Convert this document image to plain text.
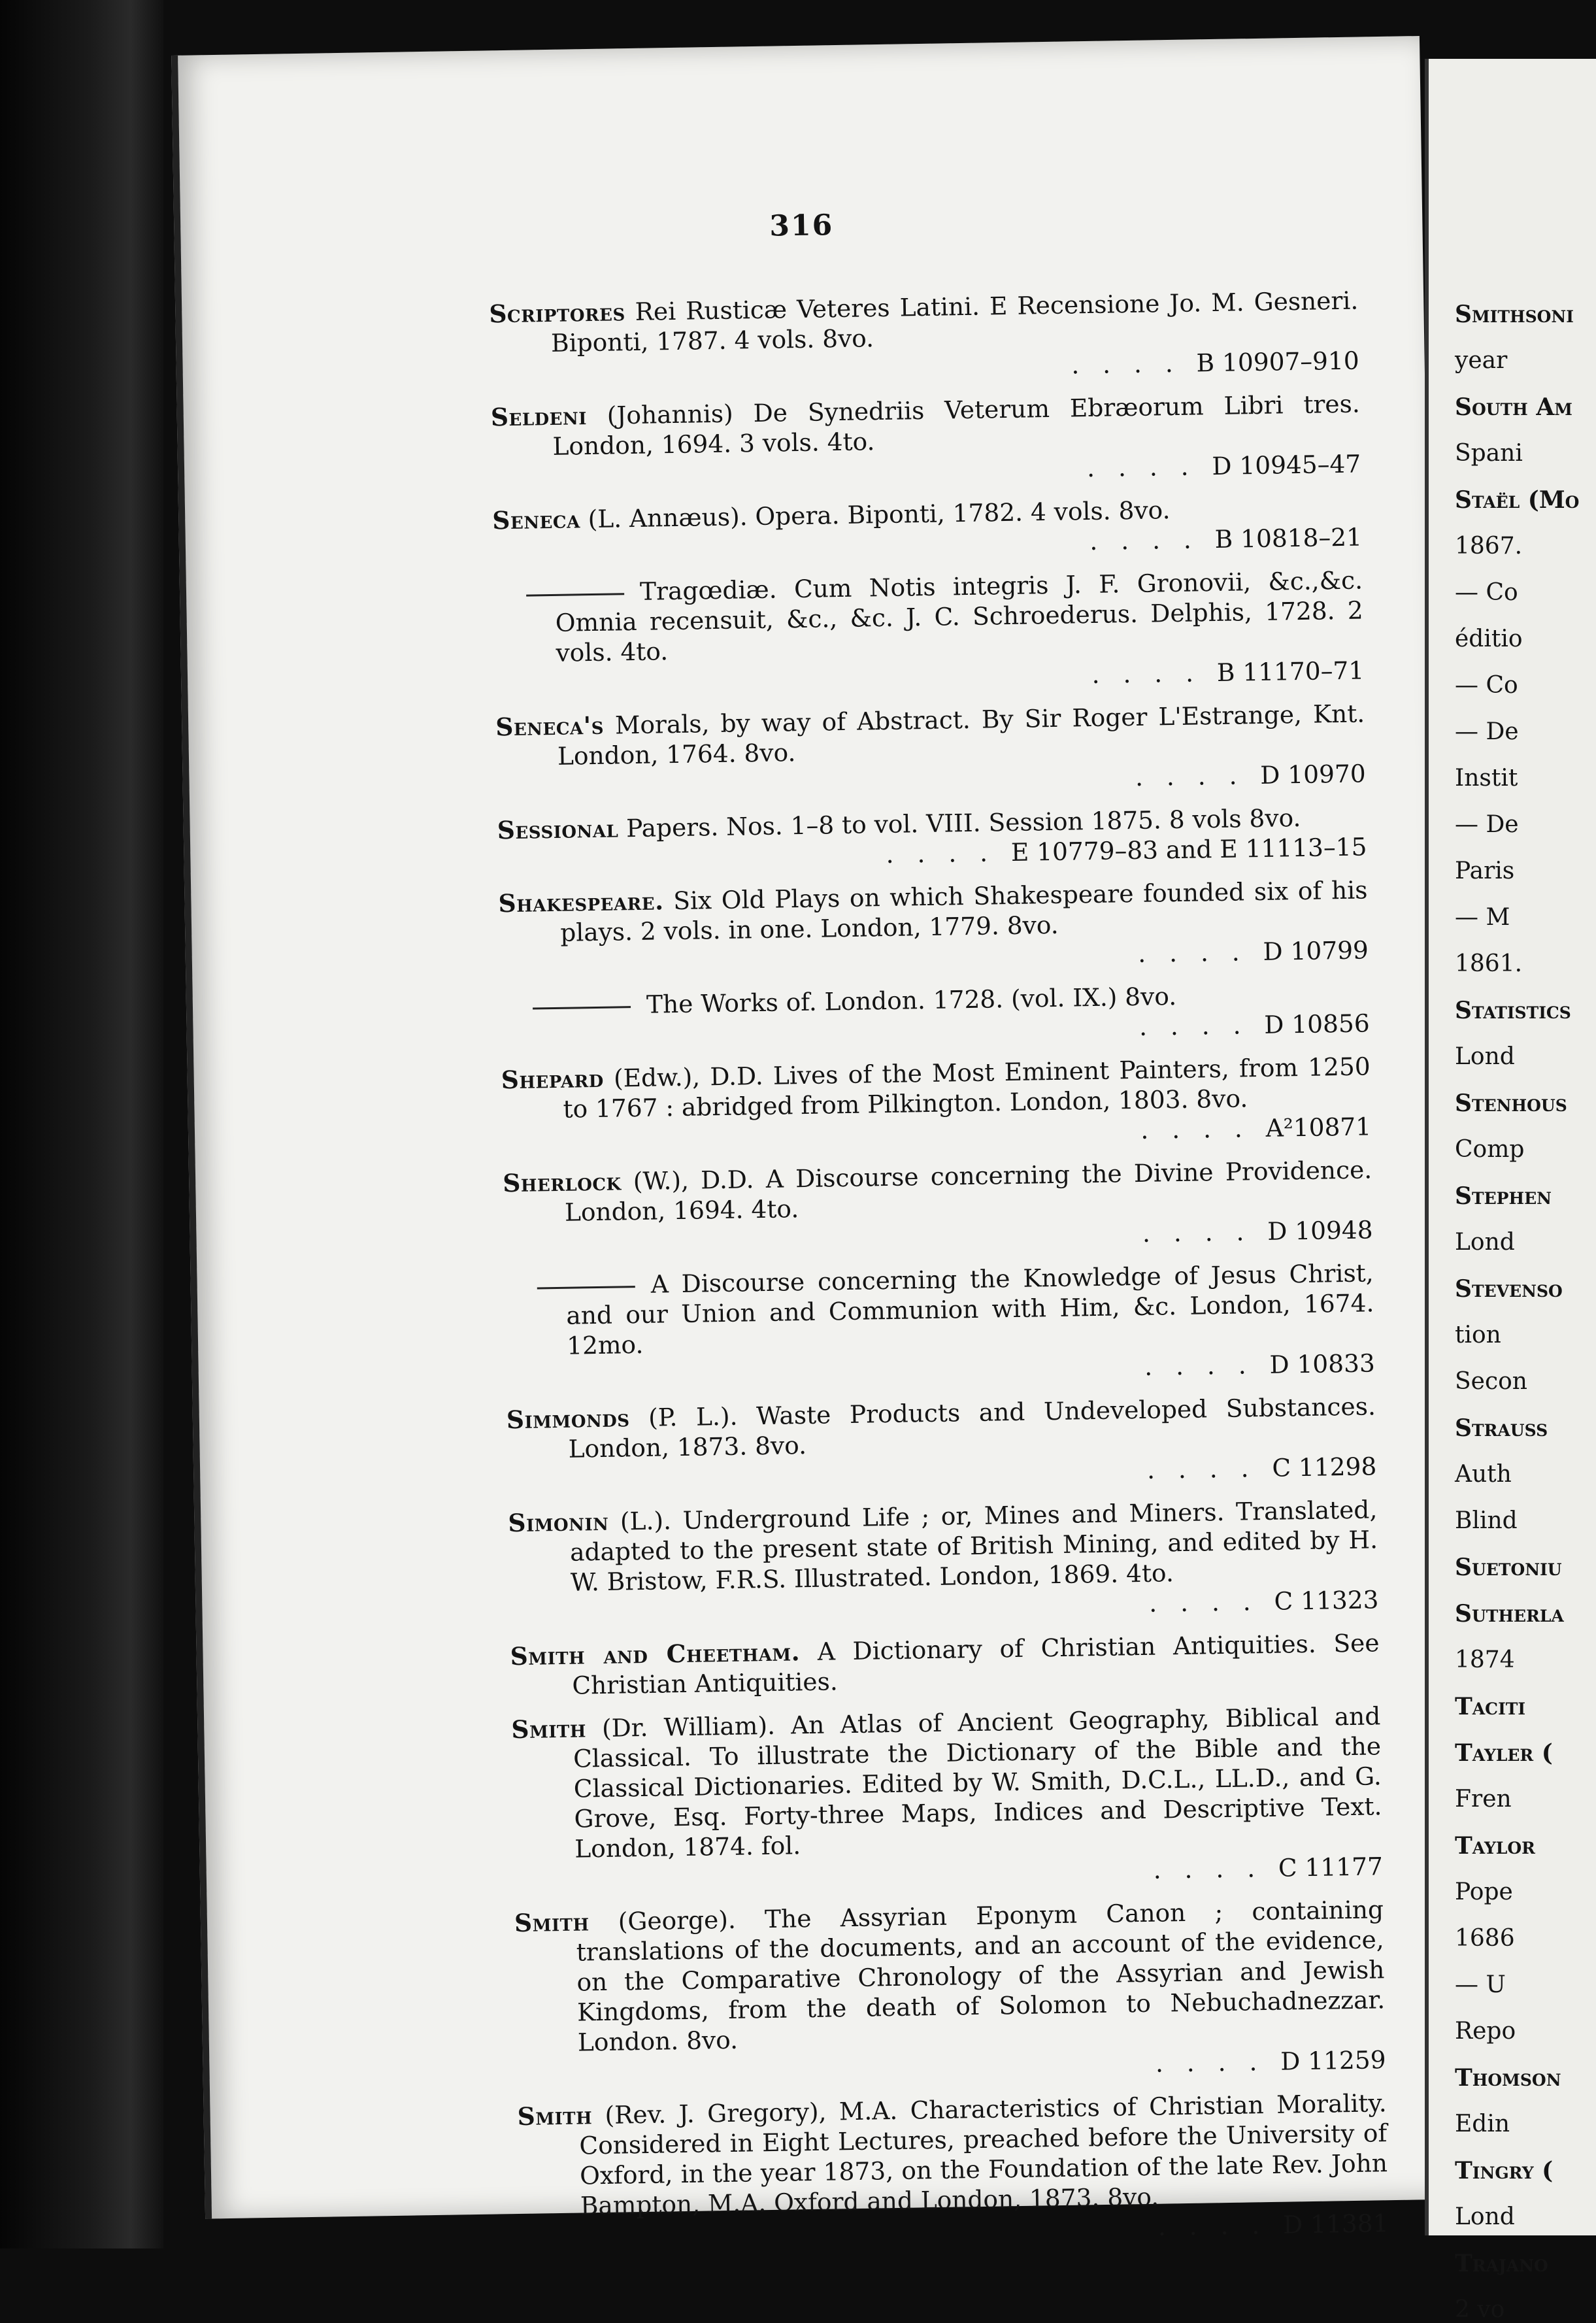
316
Scriptores Rei Rusticæ Veteres Latini. E Recensione Jo. M. Gesneri. Biponti, 1787. 4 vols. 8vo.
. . . . B 10907–910
Seldeni (Johannis) De Synedriis Veterum Ebræorum Libri tres. London, 1694. 3 vols. 4to.
. . . . D 10945–47
Seneca (L. Annæus). Opera. Biponti, 1782. 4 vols. 8vo.
. . . . B 10818–21
Tragœdiæ. Cum Notis integris J. F. Gronovii, &c.,&c. Omnia recensuit, &c., &c. J. C. Schroederus. Delphis, 1728. 2 vols. 4to.
. . . . B 11170–71
Seneca's Morals, by way of Abstract. By Sir Roger L'Estrange, Knt. London, 1764. 8vo.
. . . . D 10970
Sessional Papers. Nos. 1–8 to vol. VIII. Session 1875. 8 vols 8vo.
. . . . E 10779–83 and E 11113–15
Shakespeare. Six Old Plays on which Shakespeare founded six of his plays. 2 vols. in one. London, 1779. 8vo.
. . . . D 10799
The Works of. London. 1728. (vol. IX.) 8vo.
. . . . D 10856
Shepard (Edw.), D.D. Lives of the Most Eminent Painters, from 1250 to 1767 : abridged from Pilkington. London, 1803. 8vo.
. . . . A²10871
Sherlock (W.), D.D. A Discourse concerning the Divine Providence. London, 1694. 4to.
. . . . D 10948
A Discourse concerning the Knowledge of Jesus Christ, and our Union and Communion with Him, &c. London, 1674. 12mo.
. . . . D 10833
Simmonds (P. L.). Waste Products and Undeveloped Substances. London, 1873. 8vo.
. . . . C 11298
Simonin (L.). Underground Life ; or, Mines and Miners. Translated, adapted to the present state of British Mining, and edited by H. W. Bristow, F.R.S. Illustrated. London, 1869. 4to.
. . . . C 11323
Smith and Cheetham. A Dictionary of Christian Antiquities. See Christian Antiquities.
Smith (Dr. William). An Atlas of Ancient Geography, Biblical and Classical. To illustrate the Dictionary of the Bible and the Classical Dictionaries. Edited by W. Smith, D.C.L., LL.D., and G. Grove, Esq. Forty-three Maps, Indices and Descriptive Text. London, 1874. fol.
. . . . C 11177
Smith (George). The Assyrian Eponym Canon ; containing translations of the documents, and an account of the evidence, on the Comparative Chronology of the Assyrian and Jewish Kingdoms, from the death of Solomon to Nebuchadnezzar. London. 8vo.
. . . . D 11259
Smith (Rev. J. Gregory), M.A. Characteristics of Christian Morality. Considered in Eight Lectures, preached before the University of Oxford, in the year 1873, on the Foundation of the late Rev. John Bampton, M.A. Oxford and London, 1873. 8vo.
. . . . D 11381
Smithsoni
year
South Am
Spani
Staël (Mo
1867.
— Co
éditio
— Co
— De
Instit
— De
Paris
— M
1861.
Statistics
Lond
Stenhous
Comp
Stephen
Lond
Stevenso
tion
Secon
Strauss
Auth
Blind
Suetoniu
Sutherla
1874
Taciti
Tayler (
Fren
Taylor
Pope
1686
— U
Repo
Thomson
Edin
Tingry (
Lond
Trajano
2 vo
